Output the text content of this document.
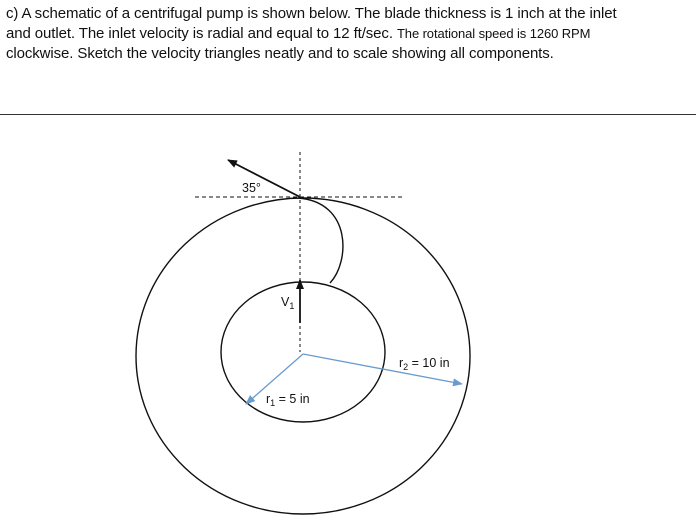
c) A schematic of a centrifugal pump is shown below. The blade thickness is 1 inch at the inlet
and outlet. The inlet velocity is radial and equal to 12 ft/sec. The rotational speed is 1260 RPM
clockwise. Sketch the velocity triangles neatly and to scale showing all components.
35°
$V_1$
$r_1 = 5$ in
$r_2 = 10$ in
